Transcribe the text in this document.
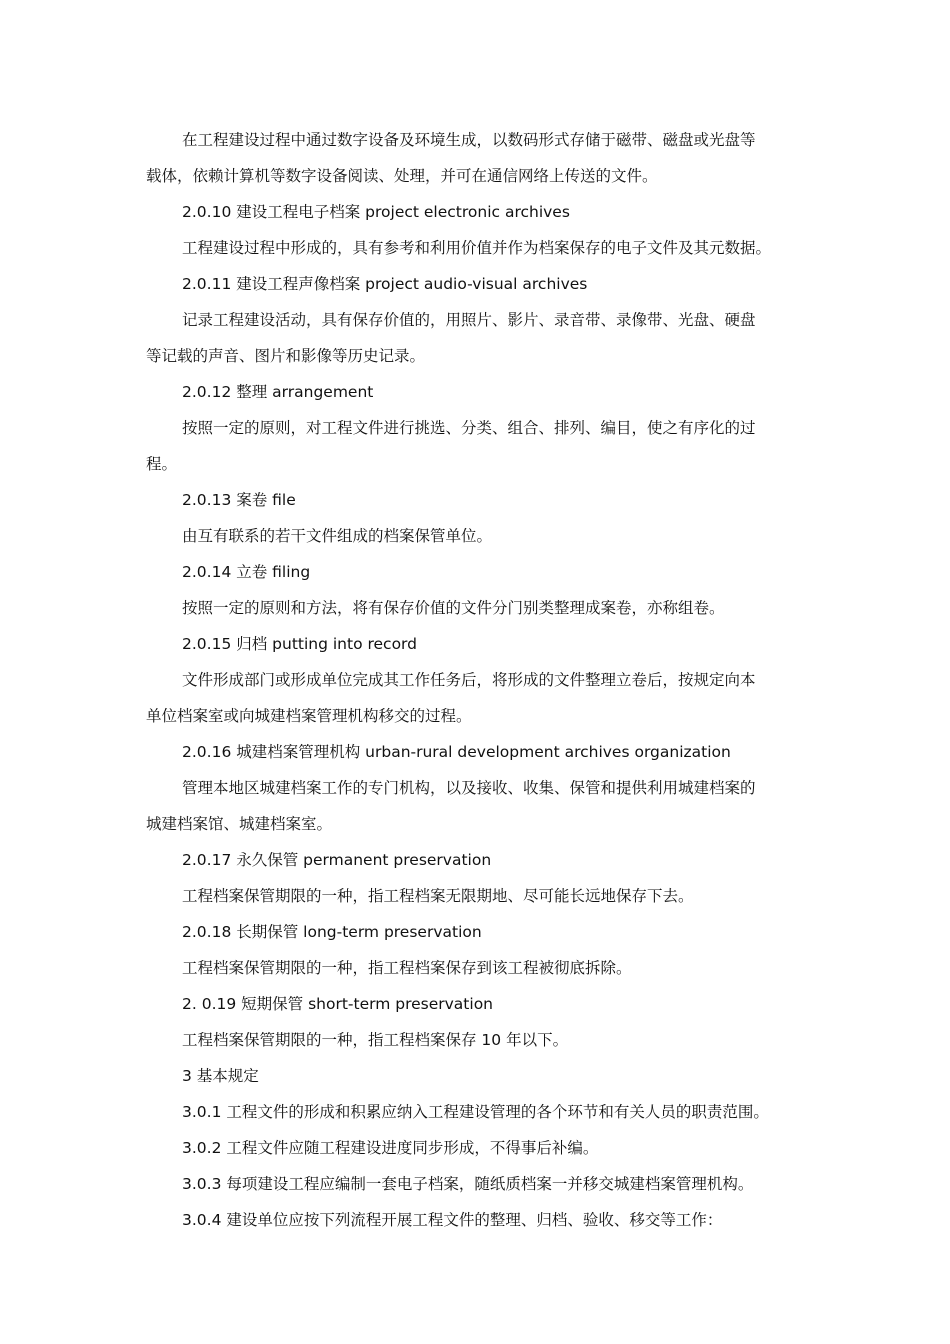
在工程建设过程中通过数字设备及环境生成，以数码形式存储于磁带、磁盘或光盘等
载体，依赖计算机等数字设备阅读、处理，并可在通信网络上传送的文件。
2.0.10 建设工程电子档案 project electronic archives
工程建设过程中形成的，具有参考和利用价值并作为档案保存的电子文件及其元数据。
2.0.11 建设工程声像档案 project audio-visual archives
记录工程建设活动，具有保存价值的，用照片、影片、录音带、录像带、光盘、硬盘
等记载的声音、图片和影像等历史记录。
2.0.12 整理 arrangement
按照一定的原则，对工程文件进行挑选、分类、组合、排列、编目，使之有序化的过
程。
2.0.13 案卷 file
由互有联系的若干文件组成的档案保管单位。
2.0.14 立卷 filing
按照一定的原则和方法，将有保存价值的文件分门别类整理成案卷，亦称组卷。
2.0.15 归档 putting into record
文件形成部门或形成单位完成其工作任务后，将形成的文件整理立卷后，按规定向本
单位档案室或向城建档案管理机构移交的过程。
2.0.16 城建档案管理机构 urban-rural development archives organization
管理本地区城建档案工作的专门机构，以及接收、收集、保管和提供利用城建档案的
城建档案馆、城建档案室。
2.0.17 永久保管 permanent preservation
工程档案保管期限的一种，指工程档案无限期地、尽可能长远地保存下去。
2.0.18 长期保管 long-term preservation
工程档案保管期限的一种，指工程档案保存到该工程被彻底拆除。
2. 0.19 短期保管 short-term preservation
工程档案保管期限的一种，指工程档案保存 10 年以下。
3 基本规定
3.0.1 工程文件的形成和积累应纳入工程建设管理的各个环节和有关人员的职责范围。
3.0.2 工程文件应随工程建设进度同步形成，不得事后补编。
3.0.3 每项建设工程应编制一套电子档案，随纸质档案一并移交城建档案管理机构。
3.0.4 建设单位应按下列流程开展工程文件的整理、归档、验收、移交等工作：
